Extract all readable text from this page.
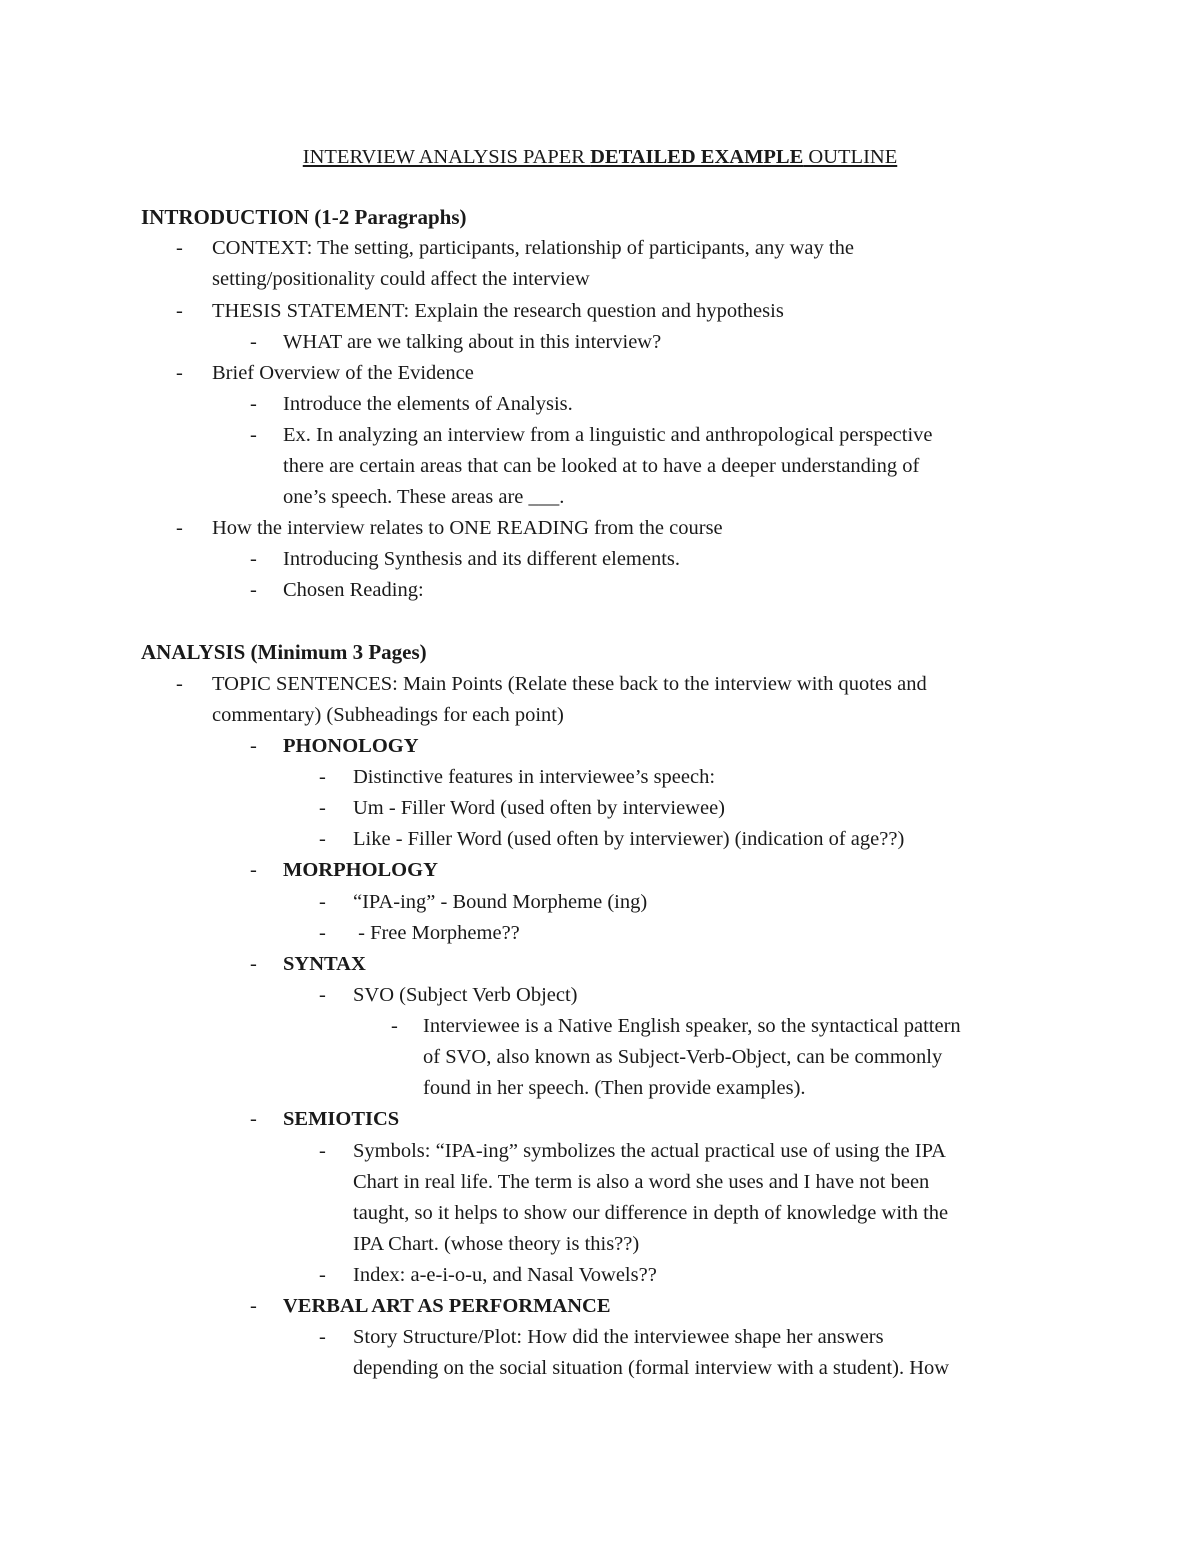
INTERVIEW ANALYSIS PAPER DETAILED EXAMPLE OUTLINE
INTRODUCTION (1-2 Paragraphs)
- CONTEXT: The setting, participants, relationship of participants, any way the
setting/positionality could affect the interview
- THESIS STATEMENT: Explain the research question and hypothesis
- WHAT are we talking about in this interview?
- Brief Overview of the Evidence
- Introduce the elements of Analysis.
- Ex. In analyzing an interview from a linguistic and anthropological perspective
there are certain areas that can be looked at to have a deeper understanding of
one’s speech. These areas are ___.
- How the interview relates to ONE READING from the course
- Introducing Synthesis and its different elements.
- Chosen Reading:
ANALYSIS (Minimum 3 Pages)
- TOPIC SENTENCES: Main Points (Relate these back to the interview with quotes and
commentary) (Subheadings for each point)
- PHONOLOGY
- Distinctive features in interviewee’s speech:
- Um - Filler Word (used often by interviewee)
- Like - Filler Word (used often by interviewer) (indication of age??)
- MORPHOLOGY
- “IPA-ing” - Bound Morpheme (ing)
- - Free Morpheme??
- SYNTAX
- SVO (Subject Verb Object)
- Interviewee is a Native English speaker, so the syntactical pattern
of SVO, also known as Subject-Verb-Object, can be commonly
found in her speech. (Then provide examples).
- SEMIOTICS
- Symbols: “IPA-ing” symbolizes the actual practical use of using the IPA
Chart in real life. The term is also a word she uses and I have not been
taught, so it helps to show our difference in depth of knowledge with the
IPA Chart. (whose theory is this??)
- Index: a-e-i-o-u, and Nasal Vowels??
- VERBAL ART AS PERFORMANCE
- Story Structure/Plot: How did the interviewee shape her answers
depending on the social situation (formal interview with a student). How
